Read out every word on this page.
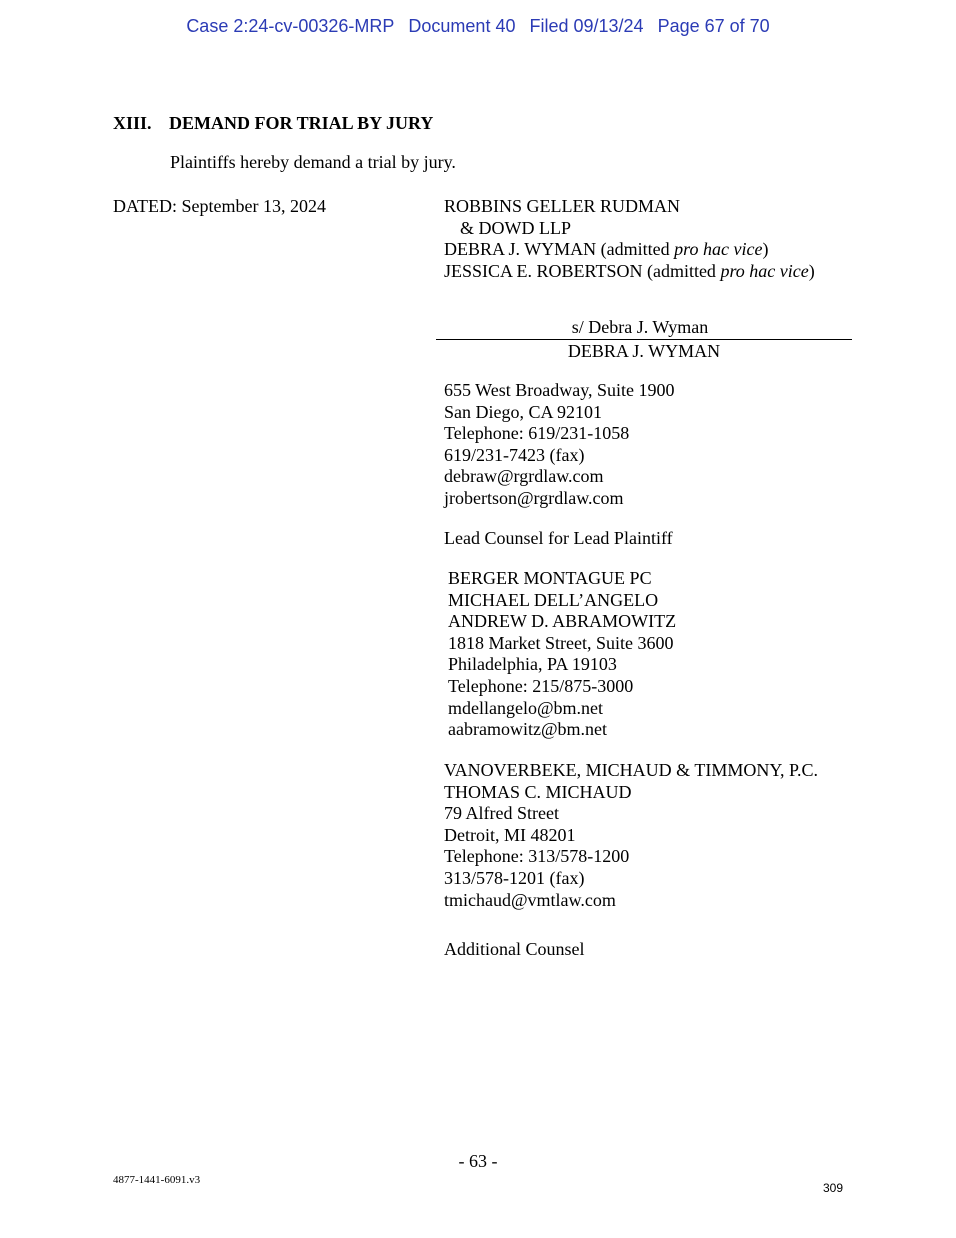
Case 2:24-cv-00326-MRP Document 40 Filed 09/13/24 Page 67 of 70
XIII. DEMAND FOR TRIAL BY JURY
Plaintiffs hereby demand a trial by jury.
DATED: September 13, 2024	ROBBINS GELLER RUDMAN
& DOWD LLP
DEBRA J. WYMAN (admitted pro hac vice)
JESSICA E. ROBERTSON (admitted pro hac vice)
s/ Debra J. Wyman
DEBRA J. WYMAN
655 West Broadway, Suite 1900
San Diego, CA 92101
Telephone: 619/231-1058
619/231-7423 (fax)
debraw@rgrdlaw.com
jrobertson@rgrdlaw.com
Lead Counsel for Lead Plaintiff
BERGER MONTAGUE PC
MICHAEL DELL’ANGELO
ANDREW D. ABRAMOWITZ
1818 Market Street, Suite 3600
Philadelphia, PA 19103
Telephone: 215/875-3000
mdellangelo@bm.net
aabramowitz@bm.net
VANOVERBEKE, MICHAUD & TIMMONY, P.C.
THOMAS C. MICHAUD
79 Alfred Street
Detroit, MI 48201
Telephone: 313/578-1200
313/578-1201 (fax)
tmichaud@vmtlaw.com
Additional Counsel
- 63 -
4877-1441-6091.v3
309
